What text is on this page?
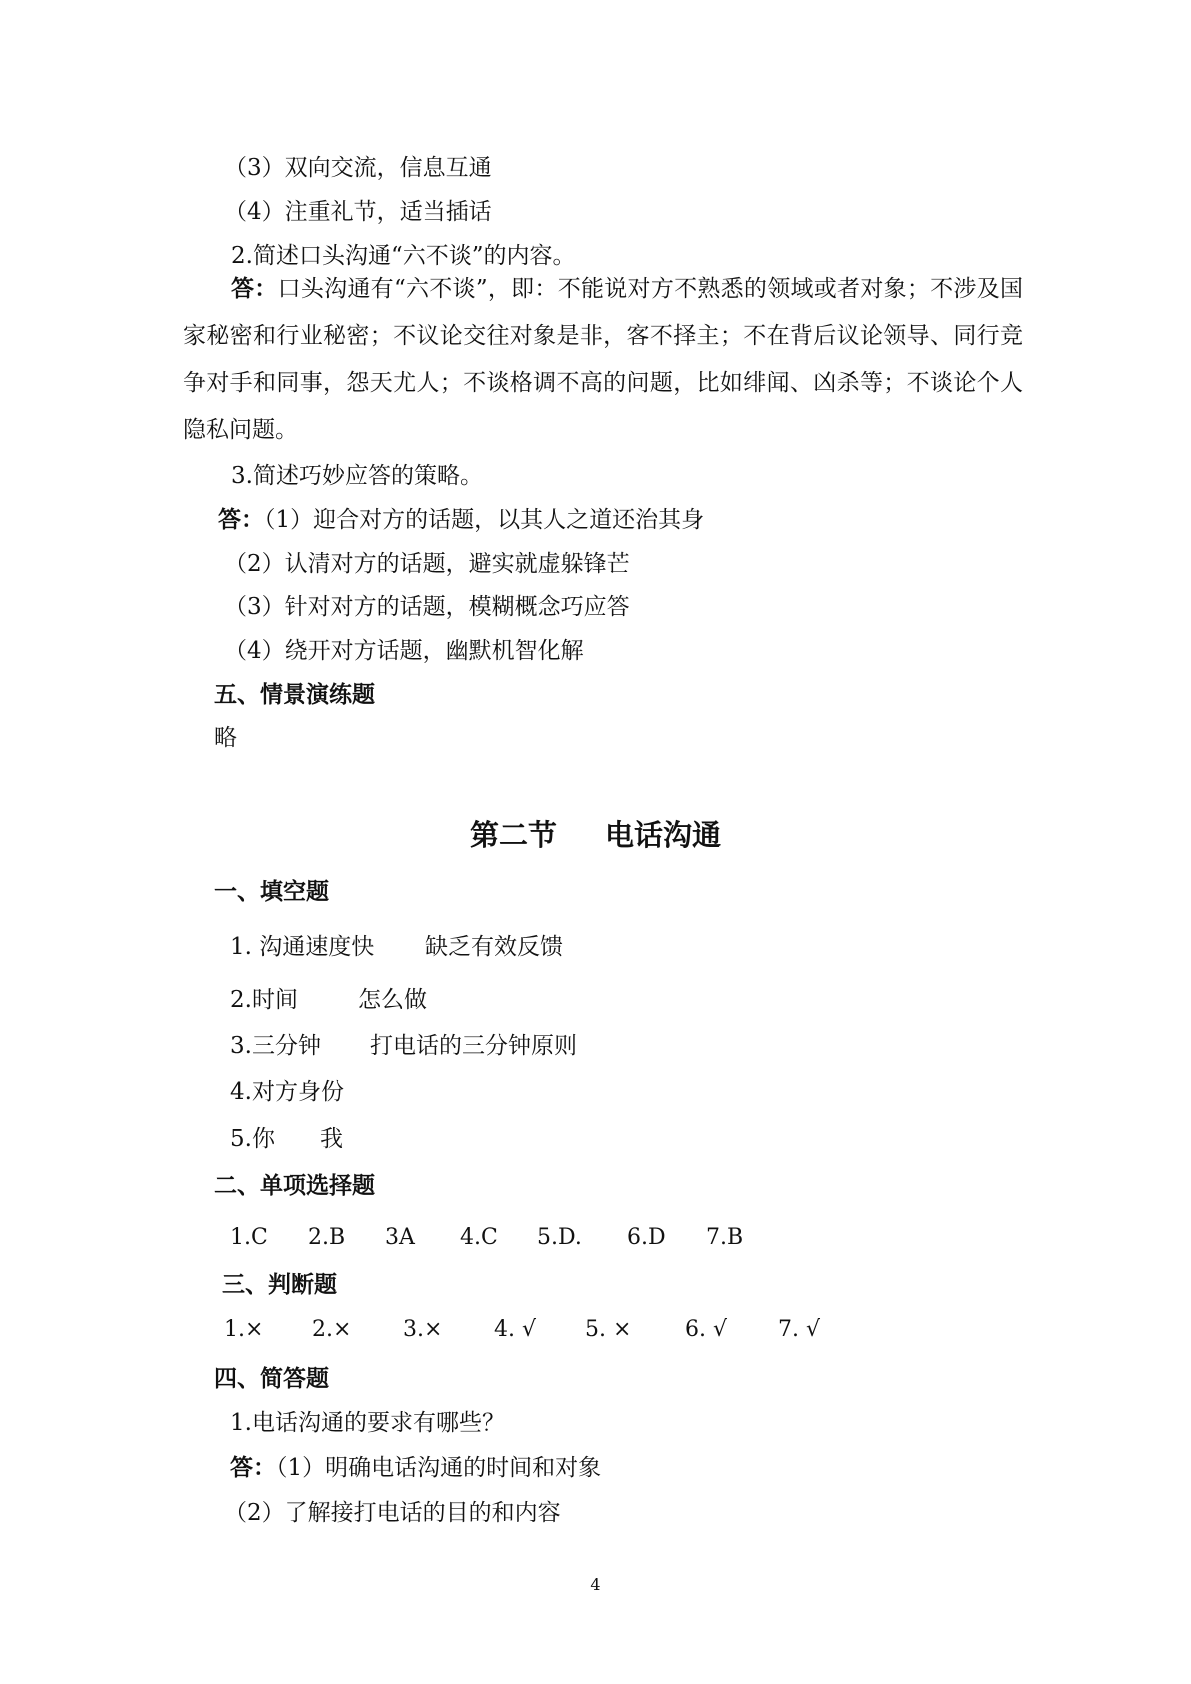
（3）双向交流，信息互通
（4）注重礼节，适当插话
2.简述口头沟通“六不谈”的内容。
答：口头沟通有“六不谈”，即：不能说对方不熟悉的领域或者对象；不涉及国家秘密和行业秘密；不议论交往对象是非，客不择主；不在背后议论领导、同行竞争对手和同事，怨天尤人；不谈格调不高的问题，比如绯闻、凶杀等；不谈论个人隐私问题。
3.简述巧妙应答的策略。
答：（1）迎合对方的话题，以其人之道还治其身
（2）认清对方的话题，避实就虚躲锋芒
（3）针对对方的话题，模糊概念巧应答
（4）绕开对方话题，幽默机智化解
五、情景演练题
略
第二节 电话沟通
一、填空题
1. 沟通速度快 缺乏有效反馈
2.时间	怎么做
3.三分钟 打电话的三分钟原则
4.对方身份
5.你 我
二、单项选择题
1.C 2.B 3A 4.C 5.D. 6.D 7.B
三、判断题
1.× 2.× 3.× 4. √ 5. × 6. √ 7. √
四、简答题
1.电话沟通的要求有哪些？
答：（1）明确电话沟通的时间和对象
（2）了解接打电话的目的和内容
4
